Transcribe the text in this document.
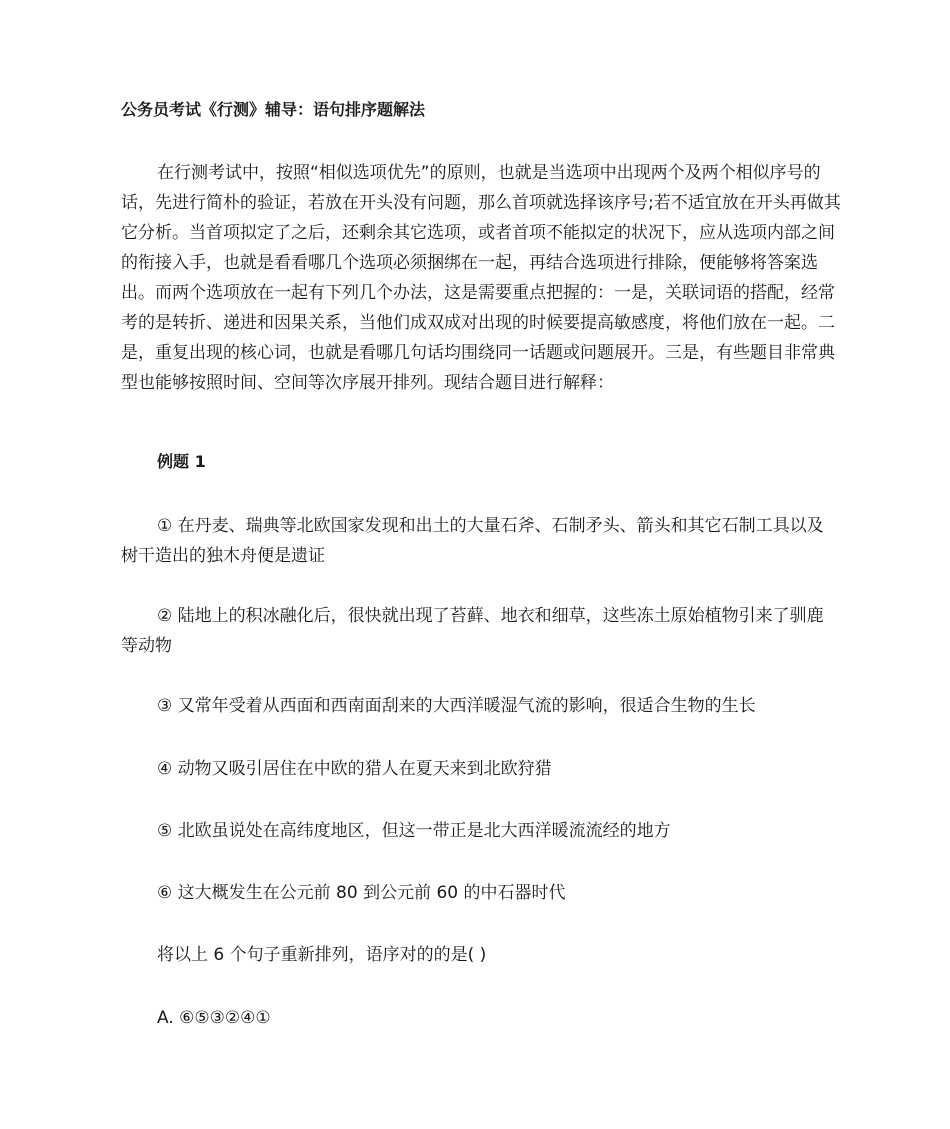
公务员考试《行测》辅导：语句排序题解法

在行测考试中，按照“相似选项优先”的原则，也就是当选项中出现两个及两个相似序号的话，先进行简朴的验证，若放在开头没有问题，那么首项就选择该序号;若不适宜放在开头再做其它分析。当首项拟定了之后，还剩余其它选项，或者首项不能拟定的状况下，应从选项内部之间的衔接入手，也就是看看哪几个选项必须捆绑在一起，再结合选项进行排除，便能够将答案选出。而两个选项放在一起有下列几个办法，这是需要重点把握的：一是，关联词语的搭配，经常考的是转折、递进和因果关系，当他们成双成对出现的时候要提高敏感度，将他们放在一起。二是，重复出现的核心词，也就是看哪几句话均围绕同一话题或问题展开。三是，有些题目非常典型也能够按照时间、空间等次序展开排列。现结合题目进行解释：

例题 1

① 在丹麦、瑞典等北欧国家发现和出土的大量石斧、石制矛头、箭头和其它石制工具以及树干造出的独木舟便是遗证

② 陆地上的积冰融化后，很快就出现了苔藓、地衣和细草，这些冻土原始植物引来了驯鹿等动物

③ 又常年受着从西面和西南面刮来的大西洋暖湿气流的影响，很适合生物的生长

④ 动物又吸引居住在中欧的猎人在夏天来到北欧狩猎

⑤ 北欧虽说处在高纬度地区，但这一带正是北大西洋暖流流经的地方

⑥ 这大概发生在公元前 80 到公元前 60 的中石器时代

将以上 6 个句子重新排列，语序对的的是( )
A. ⑥⑤③②④①
